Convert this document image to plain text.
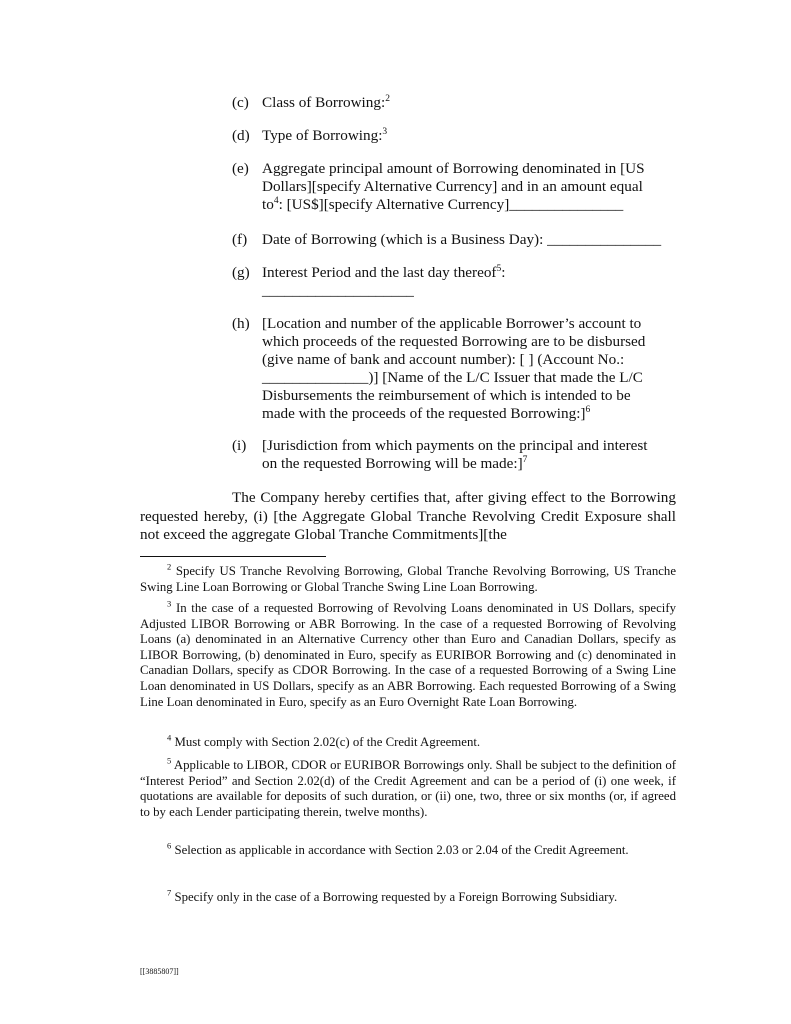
(c) Class of Borrowing:$^2$
(d) Type of Borrowing:$^3$
(e) Aggregate principal amount of Borrowing denominated in [US
Dollars][specify Alternative Currency] and in an amount equal
$to^4$: [US$][specify Alternative Currency]_______________
(f) Date of Borrowing (which is a Business Day): _______________
(g) Interest Period and the last day thereof$^5$:
____________________
(h) [Location and number of the applicable Borrower’s account to
which proceeds of the requested Borrowing are to be disbursed
(give name of bank and account number): [ ] (Account No.:
______________)] [Name of the L/C Issuer that made the L/C
Disbursements the reimbursement of which is intended to be
made with the proceeds of the requested Borrowing:]$^6$
(i) [Jurisdiction from which payments on the principal and interest
on the requested Borrowing will be made:]$^7$
The Company hereby certifies that, after giving effect to the Borrowing requested hereby, (i) [the Aggregate Global Tranche Revolving Credit Exposure shall not exceed the aggregate Global Tranche Commitments][the
$^2$ Specify US Tranche Revolving Borrowing, Global Tranche Revolving Borrowing, US Tranche Swing Line Loan Borrowing or Global Tranche Swing Line Loan Borrowing.
$^3$ In the case of a requested Borrowing of Revolving Loans denominated in US Dollars, specify Adjusted LIBOR Borrowing or ABR Borrowing. In the case of a requested Borrowing of Revolving Loans (a) denominated in an Alternative Currency other than Euro and Canadian Dollars, specify as LIBOR Borrowing, (b) denominated in Euro, specify as EURIBOR Borrowing and (c) denominated in Canadian Dollars, specify as CDOR Borrowing. In the case of a requested Borrowing of a Swing Line Loan denominated in US Dollars, specify as an ABR Borrowing. Each requested Borrowing of a Swing Line Loan denominated in Euro, specify as an Euro Overnight Rate Loan Borrowing.
$^4$ Must comply with Section 2.02(c) of the Credit Agreement.
$^5$ Applicable to LIBOR, CDOR or EURIBOR Borrowings only. Shall be subject to the definition of “Interest Period” and Section 2.02(d) of the Credit Agreement and can be a period of (i) one week, if quotations are available for deposits of such duration, or (ii) one, two, three or six months (or, if agreed to by each Lender participating therein, twelve months).
$^6$ Selection as applicable in accordance with Section 2.03 or 2.04 of the Credit Agreement.
$^7$ Specify only in the case of a Borrowing requested by a Foreign Borrowing Subsidiary.
[[3885807]]
